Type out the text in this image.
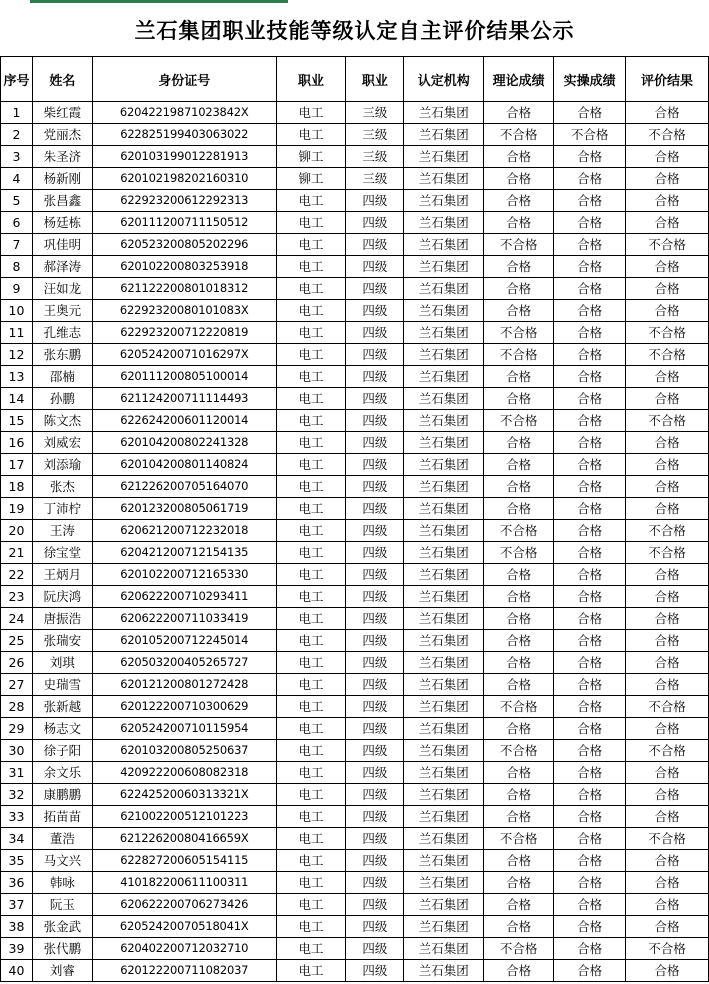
兰石集团职业技能等级认定自主评价结果公示
序号	姓名	身份证号	职业	职业	认定机构	理论成绩	实操成绩	评价结果
1	柴红霞	62042219871023842X	电工	三级	兰石集团	合格	合格	合格
2	党丽杰	622825199403063022	电工	三级	兰石集团	不合格	不合格	不合格
3	朱圣济	620103199012281913	铆工	三级	兰石集团	合格	合格	合格
4	杨新刚	620102198202160310	铆工	三级	兰石集团	合格	合格	合格
5	张昌鑫	622923200612292313	电工	四级	兰石集团	合格	合格	合格
6	杨廷栋	620111200711150512	电工	四级	兰石集团	合格	合格	合格
7	巩佳明	620523200805202296	电工	四级	兰石集团	不合格	合格	不合格
8	郝泽涛	620102200803253918	电工	四级	兰石集团	合格	合格	合格
9	汪如龙	621122200801018312	电工	四级	兰石集团	合格	合格	合格
10	王奥元	62292320080101083X	电工	四级	兰石集团	合格	合格	合格
11	孔维志	622923200712220819	电工	四级	兰石集团	不合格	合格	不合格
12	张东鹏	62052420071016297X	电工	四级	兰石集团	不合格	合格	不合格
13	邵楠	620111200805100014	电工	四级	兰石集团	合格	合格	合格
14	孙鹏	621124200711114493	电工	四级	兰石集团	合格	合格	合格
15	陈文杰	622624200601120014	电工	四级	兰石集团	不合格	合格	不合格
16	刘威宏	620104200802241328	电工	四级	兰石集团	合格	合格	合格
17	刘添瑜	620104200801140824	电工	四级	兰石集团	合格	合格	合格
18	张杰	621226200705164070	电工	四级	兰石集团	合格	合格	合格
19	丁沛柠	620123200805061719	电工	四级	兰石集团	合格	合格	合格
20	王涛	620621200712232018	电工	四级	兰石集团	不合格	合格	不合格
21	徐宝堂	620421200712154135	电工	四级	兰石集团	不合格	合格	不合格
22	王炳月	620102200712165330	电工	四级	兰石集团	合格	合格	合格
23	阮庆鸿	620622200710293411	电工	四级	兰石集团	合格	合格	合格
24	唐振浩	620622200711033419	电工	四级	兰石集团	合格	合格	合格
25	张瑞安	620105200712245014	电工	四级	兰石集团	合格	合格	合格
26	刘琪	620503200405265727	电工	四级	兰石集团	合格	合格	合格
27	史瑞雪	620121200801272428	电工	四级	兰石集团	合格	合格	合格
28	张新越	620122200710300629	电工	四级	兰石集团	不合格	合格	不合格
29	杨志文	620524200710115954	电工	四级	兰石集团	合格	合格	合格
30	徐子阳	620103200805250637	电工	四级	兰石集团	不合格	合格	不合格
31	余文乐	420922200608082318	电工	四级	兰石集团	合格	合格	合格
32	康鹏鹏	62242520060313321X	电工	四级	兰石集团	合格	合格	合格
33	拓苗苗	621002200512101223	电工	四级	兰石集团	合格	合格	合格
34	董浩	62122620080416659X	电工	四级	兰石集团	不合格	合格	不合格
35	马文兴	622827200605154115	电工	四级	兰石集团	合格	合格	合格
36	韩咏	410182200611100311	电工	四级	兰石集团	合格	合格	合格
37	阮玉	620622200706273426	电工	四级	兰石集团	合格	合格	合格
38	张金武	62052420070518041X	电工	四级	兰石集团	合格	合格	合格
39	张代鹏	620402200712032710	电工	四级	兰石集团	不合格	合格	不合格
40	刘睿	620122200711082037	电工	四级	兰石集团	合格	合格	合格
